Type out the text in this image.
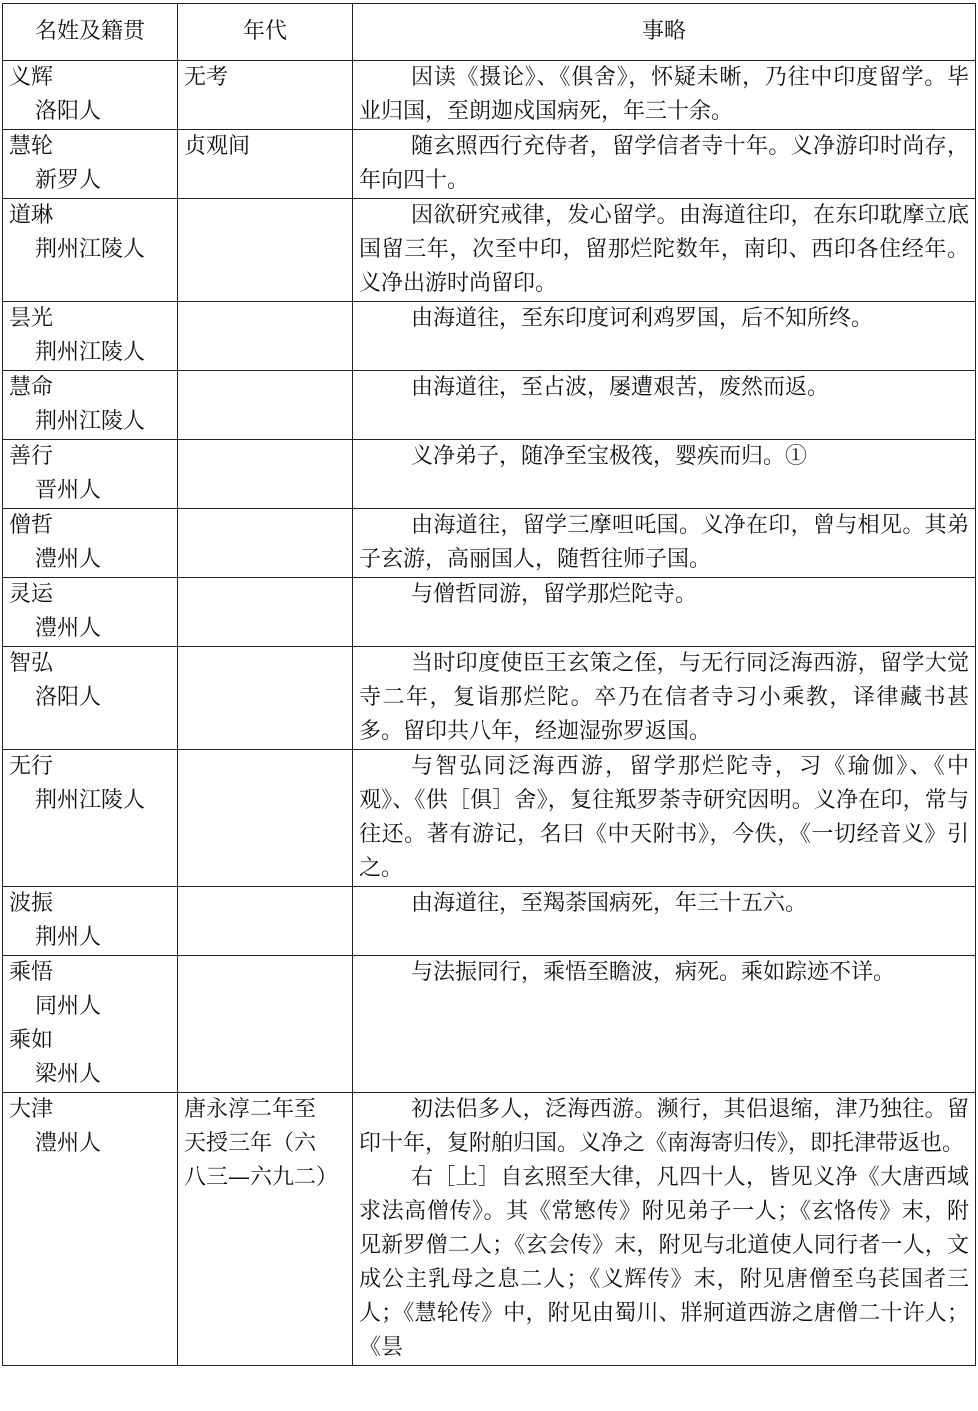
名姓及籍贯	年代	事略

义辉
洛阳人	无考	因读《摄论》、《俱舍》，怀疑未晰，乃往中印度留学。毕业归国，至朗迦戍国病死，年三十余。

慧轮
新罗人	贞观间	随玄照西行充侍者，留学信者寺十年。义净游印时尚存，年向四十。

道琳
荆州江陵人		因欲研究戒律，发心留学。由海道往印，在东印耽摩立底国留三年，次至中印，留那烂陀数年，南印、西印各住经年。义净出游时尚留印。

昙光
荆州江陵人		由海道往，至东印度诃利鸡罗国，后不知所终。

慧命
荆州江陵人		由海道往，至占波，屡遭艰苦，废然而返。

善行
晋州人		义净弟子，随净至宝极筏，婴疾而归。①

僧哲
澧州人		由海道往，留学三摩呾吒国。义净在印，曾与相见。其弟子玄游，高丽国人，随哲往师子国。

灵运
澧州人		与僧哲同游，留学那烂陀寺。

智弘
洛阳人		当时印度使臣王玄策之侄，与无行同泛海西游，留学大觉寺二年，复诣那烂陀。卒乃在信者寺习小乘教，译律藏书甚多。留印共八年，经迦湿弥罗返国。

无行
荆州江陵人		与智弘同泛海西游，留学那烂陀寺，习《瑜伽》、《中观》、《供［俱］舍》，复往羝罗荼寺研究因明。义净在印，常与往还。著有游记，名曰《中天附书》，今佚，《一切经音义》引之。

波振
荆州人		由海道往，至羯荼国病死，年三十五六。

乘悟
同州人
乘如
梁州人		与法振同行，乘悟至瞻波，病死。乘如踪迹不详。

大津
澧州人	唐永淳二年至
天授三年（六
八三—六九二）	初法侣多人，泛海西游。濒行，其侣退缩，津乃独往。留印十年，复附舶归国。义净之《南海寄归传》，即托津带返也。
右［上］自玄照至大律，凡四十人，皆见义净《大唐西域求法高僧传》。其《常慜传》附见弟子一人；《玄恪传》末，附见新罗僧二人；《玄会传》末，附见与北道使人同行者一人，文成公主乳母之息二人；《义辉传》末，附见唐僧至乌苌国者三人；《慧轮传》中，附见由蜀川、牂牁道西游之唐僧二十许人；《昙
